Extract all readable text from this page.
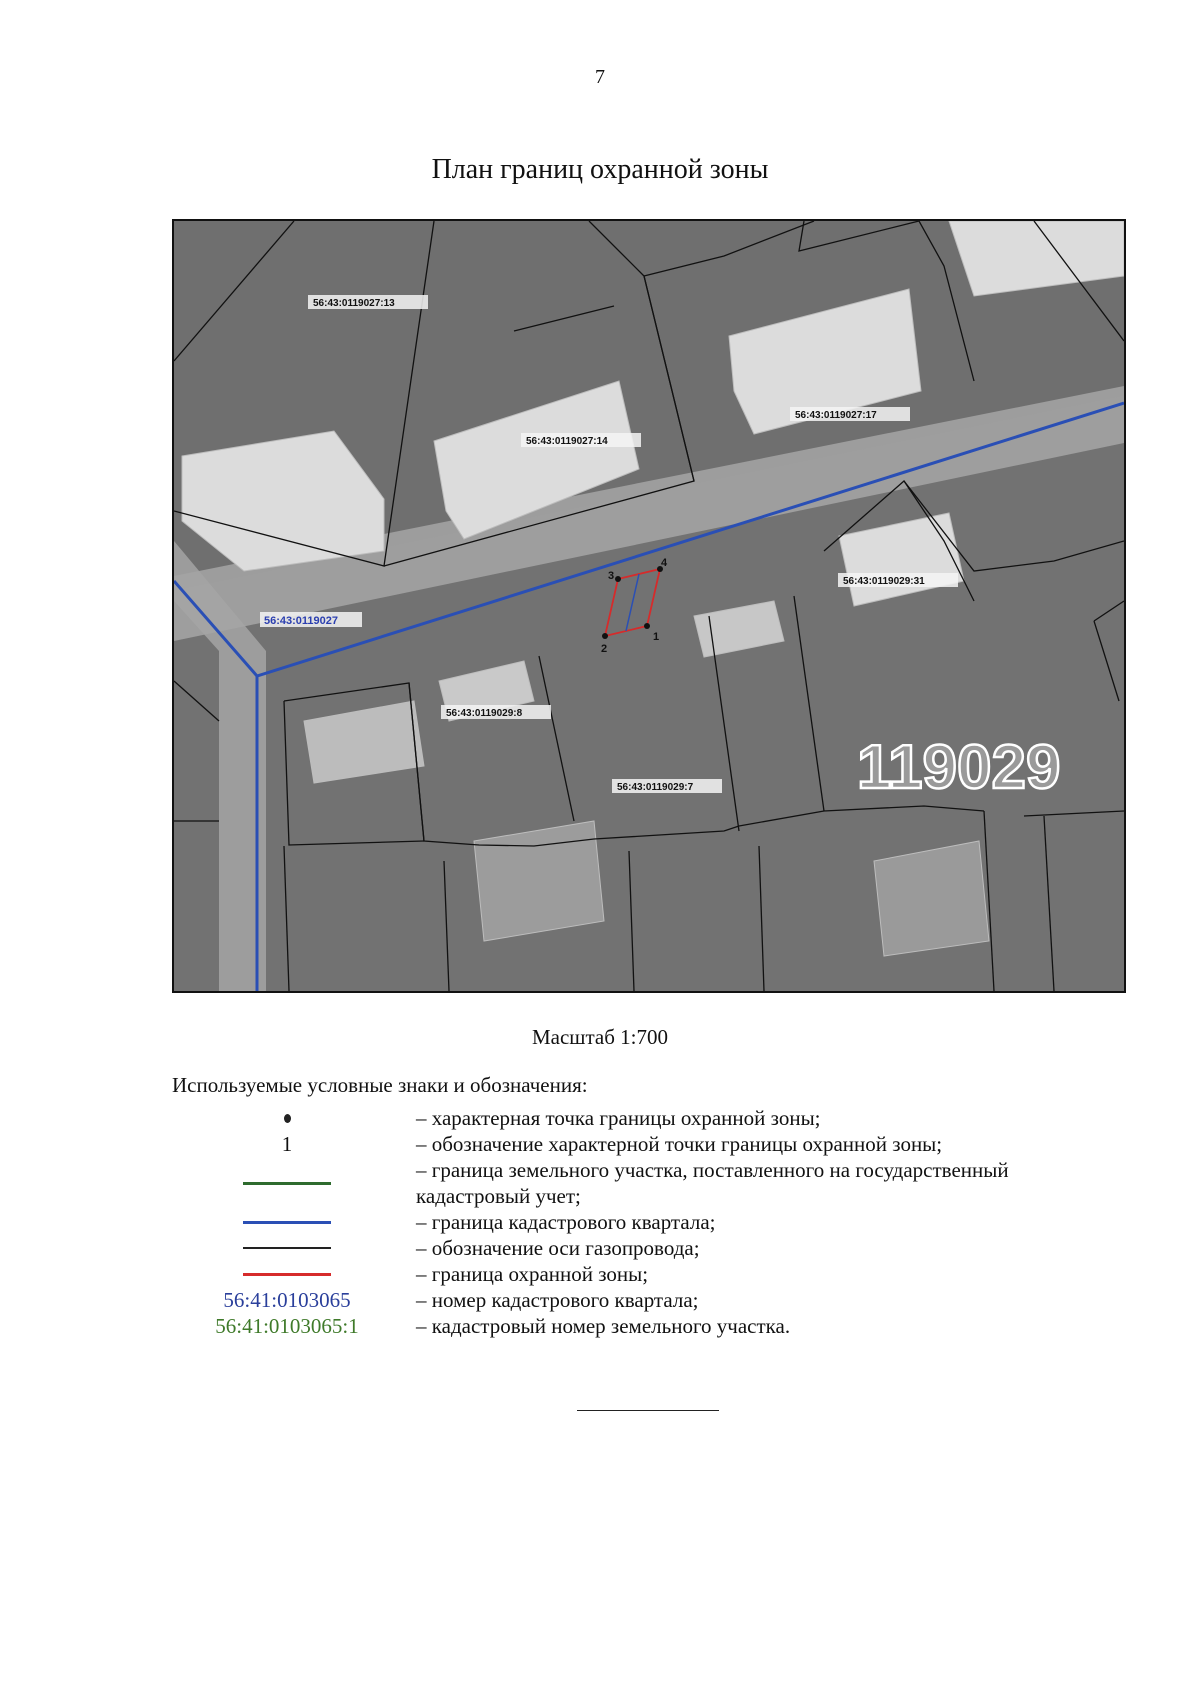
7
План границ охранной зоны
1
2
3
4
56:43:0119027:13
56:43:0119027:14
56:43:0119027:17
56:43:0119029:31
56:43:0119029:8
56:43:0119029:7
56:43:0119027
119029
Масштаб 1:700
Используемые условные знаки и обозначения:
– характерная точка границы охранной зоны;
1	– обозначение характерной точки границы охранной зоны;
– граница земельного участка, поставленного на государственный кадастровый учет;
– граница кадастрового квартала;
– обозначение оси газопровода;
– граница охранной зоны;
56:41:0103065	– номер кадастрового квартала;
56:41:0103065:1	– кадастровый номер земельного участка.
